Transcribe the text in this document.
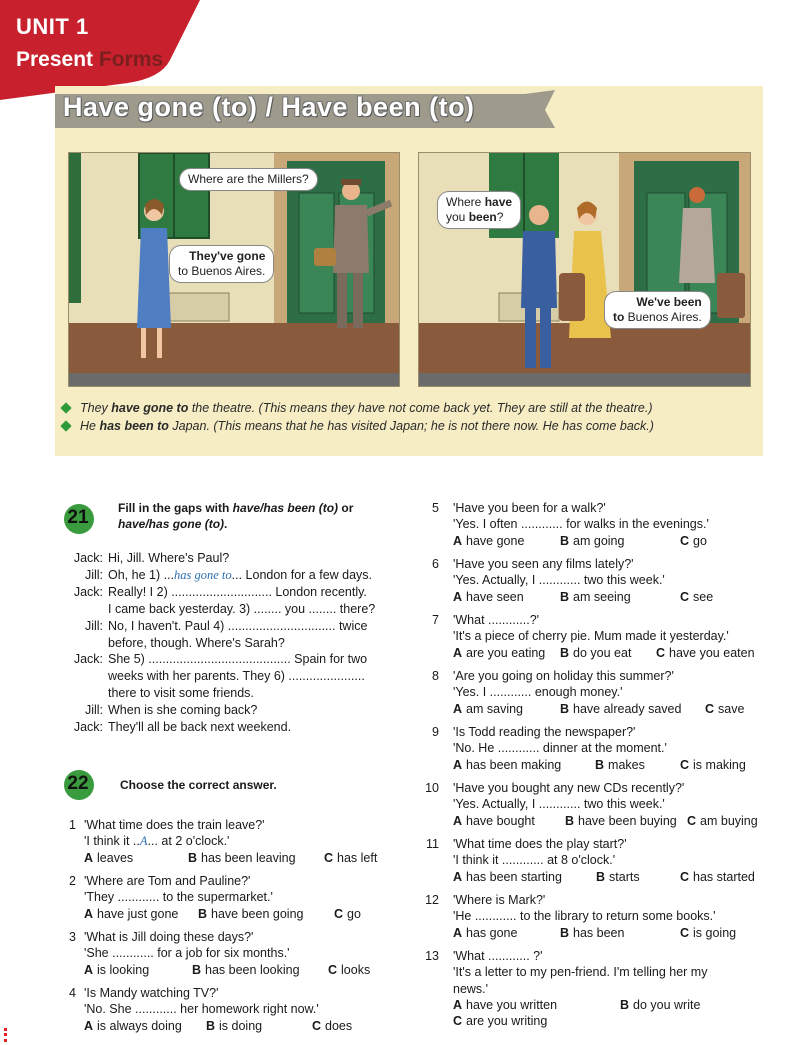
UNIT 1
Present Forms
Have gone (to) / Have been (to)
Where are the Millers?
They've gone
to Buenos Aires.
Where have
you been?
We've been
to Buenos Aires.
They have gone to the theatre. (This means they have not come back yet. They are still at the theatre.)
He has been to Japan. (This means that he has visited Japan; he is not there now. He has come back.)
21	Fill in the gaps with have/has been (to) or
have/has gone (to).
Jack: Hi, Jill. Where's Paul?
Jill: Oh, he 1) ...has gone to... London for a few days.
Jack: Really! I 2) ............................. London recently.
I came back yesterday. 3) ........ you ........ there?
Jill: No, I haven't. Paul 4) ............................... twice
before, though. Where's Sarah?
Jack: She 5) ......................................... Spain for two
weeks with her parents. They 6) ......................
there to visit some friends.
Jill: When is she coming back?
Jack: They'll all be back next weekend.
22	Choose the correct answer.
1 'What time does the train leave?'
'I think it ..A... at 2 o'clock.'
A leaves	B has been leaving C has left
2 'Where are Tom and Pauline?'
'They ............ to the supermarket.'
A have just gone B have been going C go
3 'What is Jill doing these days?'
'She ............ for a job for six months.'
A is looking	B has been looking C looks
4 'Is Mandy watching TV?'
'No. She ............ her homework right now.'
A is always doing B is doing	C does
5 'Have you been for a walk?'
'Yes. I often ............ for walks in the evenings.'
A have gone	B am going	C go
6 'Have you seen any films lately?'
'Yes. Actually, I ............ two this week.'
A have seen	B am seeing	C see
7 'What ............?'
'It's a piece of cherry pie. Mum made it yesterday.'
A are you eating B do you eat C have you eaten
8 'Are you going on holiday this summer?'
'Yes. I ............ enough money.'
A am saving	B have already saved C save
9 'Is Todd reading the newspaper?'
'No. He ............ dinner at the moment.'
A has been making	B makes	C is making
10 'Have you bought any new CDs recently?'
'Yes. Actually, I ............ two this week.'
A have bought B have been buying C am buying
11 'What time does the play start?'
'I think it ............ at 8 o'clock.'
A has been starting	B starts	C has started
12 'Where is Mark?'
'He ............ to the library to return some books.'
A has gone	B has been	C is going
13 'What ............ ?'
'It's a letter to my pen-friend. I'm telling her my
news.'
A have you written	B do you write
C are you writing
